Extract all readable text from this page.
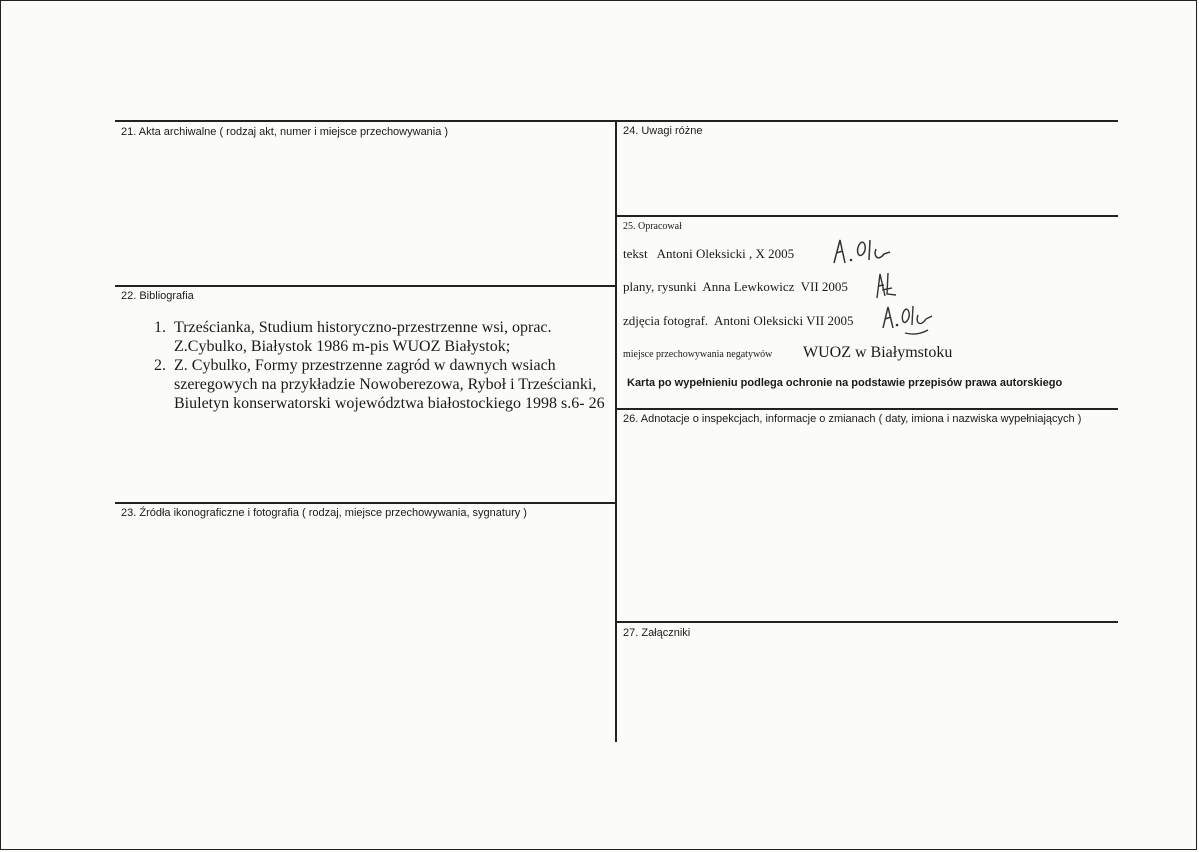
21. Akta archiwalne ( rodzaj akt, numer i miejsce przechowywania )
22. Bibliografia
1. Trześcianka, Studium historyczno-przestrzenne wsi, oprac. Z.Cybulko, Białystok 1986 m-pis WUOZ Białystok;
2. Z. Cybulko, Formy przestrzenne zagród w dawnych wsiach szeregowych na przykładzie Nowoberezowa, Ryboł i Trześcianki, Biuletyn konserwatorski województwa białostockiego 1998 s.6- 26
23. Źródła ikonograficzne i fotografia ( rodzaj, miejsce przechowywania, sygnatury )
24. Uwagi różne
25. Opracował
tekst   Antoni Oleksicki , X 2005
plany, rysunki  Anna Lewkowicz  VII 2005
zdjęcia fotograf.  Antoni Oleksicki VII 2005
miejsce przechowywania negatywów WUOZ w Białymstoku
Karta po wypełnieniu podlega ochronie na podstawie przepisów prawa autorskiego
26. Adnotacje o inspekcjach, informacje o zmianach ( daty, imiona i nazwiska wypełniających )
27. Załączniki
